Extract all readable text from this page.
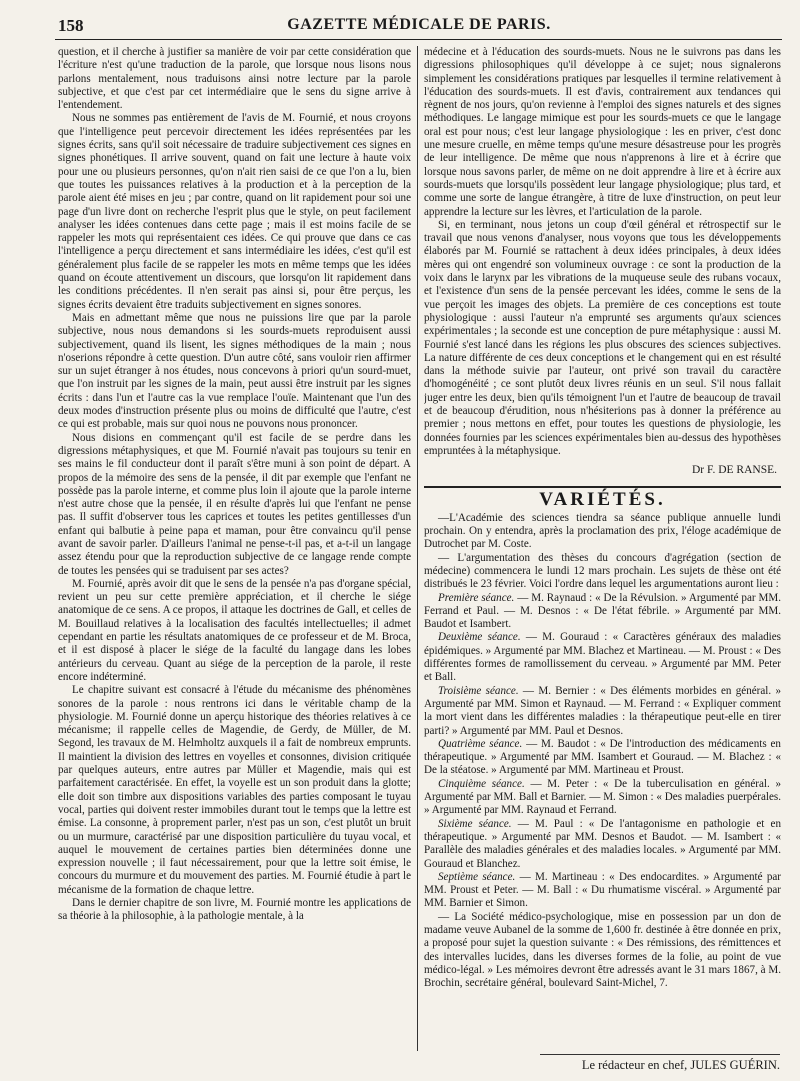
158	GAZETTE MÉDICALE DE PARIS.

question, et il cherche à justifier sa manière de voir par cette considération que l'écriture n'est qu'une traduction de la parole, que lorsque nous lisons nous parlons mentalement, nous traduisons ainsi notre lecture par la parole subjective, et que c'est par cet intermédiaire que le sens du signe arrive à l'entendement.

Nous ne sommes pas entièrement de l'avis de M. Fournié, et nous croyons que l'intelligence peut percevoir directement les idées représentées par les signes écrits, sans qu'il soit nécessaire de traduire subjectivement ces signes en signes phonétiques. Il arrive souvent, quand on fait une lecture à haute voix pour une ou plusieurs personnes, qu'on n'ait rien saisi de ce que l'on a lu, bien que toutes les puissances relatives à la production et à la perception de la parole aient été mises en jeu ; par contre, quand on lit rapidement pour soi une page d'un livre dont on recherche l'esprit plus que le style, on peut facilement analyser les idées contenues dans cette page ; mais il est moins facile de se rappeler les mots qui représentaient ces idées. Ce qui prouve que dans ce cas l'intelligence a perçu directement et sans intermédiaire les idées, c'est qu'il est généralement plus facile de se rappeler les mots en même temps que les idées quand on écoute attentivement un discours, que lorsqu'on lit rapidement dans les conditions précédentes. Il n'en serait pas ainsi si, pour être perçus, les signes écrits devaient être traduits subjectivement en signes sonores.

Mais en admettant même que nous ne puissions lire que par la parole subjective, nous nous demandons si les sourds-muets reproduisent aussi subjectivement, quand ils lisent, les signes méthodiques de la main ; nous n'oserions répondre à cette question. D'un autre côté, sans vouloir rien affirmer sur un sujet étranger à nos études, nous concevons à priori qu'un sourd-muet, que l'on instruit par les signes de la main, peut aussi être instruit par les signes écrits : dans l'un et l'autre cas la vue remplace l'ouïe. Maintenant que l'un des deux modes d'instruction présente plus ou moins de difficulté que l'autre, c'est ce qui est probable, mais sur quoi nous ne pouvons nous prononcer.

Nous disions en commençant qu'il est facile de se perdre dans les digressions métaphysiques, et que M. Fournié n'avait pas toujours su tenir en ses mains le fil conducteur dont il paraît s'être muni à son point de départ. A propos de la mémoire des sens de la pensée, il dit par exemple que l'enfant ne possède pas la parole interne, et comme plus loin il ajoute que la parole interne n'est autre chose que la pensée, il en résulte d'après lui que l'enfant ne pense pas. Il suffit d'observer tous les caprices et toutes les petites gentillesses d'un enfant qui balbutie à peine papa et maman, pour être convaincu qu'il pense avant de savoir parler. D'ailleurs l'animal ne pense-t-il pas, et a-t-il un langage assez étendu pour que la reproduction subjective de ce langage rende compte de toutes les pensées qui se traduisent par ses actes?

M. Fournié, après avoir dit que le sens de la pensée n'a pas d'organe spécial, revient un peu sur cette première appréciation, et il cherche le siége anatomique de ce sens. A ce propos, il attaque les doctrines de Gall, et celles de M. Bouillaud relatives à la localisation des facultés intellectuelles; il admet cependant en partie les résultats anatomiques de ce professeur et de M. Broca, et il est disposé à placer le siége de la faculté du langage dans les lobes antérieurs du cerveau. Quant au siége de la perception de la parole, il reste encore indéterminé.

Le chapitre suivant est consacré à l'étude du mécanisme des phénomènes sonores de la parole : nous rentrons ici dans le véritable champ de la physiologie. M. Fournié donne un aperçu historique des théories relatives à ce mécanisme; il rappelle celles de Magendie, de Gerdy, de Müller, de M. Segond, les travaux de M. Helmholtz auxquels il a fait de nombreux emprunts. Il maintient la division des lettres en voyelles et consonnes, division critiquée par quelques auteurs, entre autres par Müller et Magendie, mais qui est parfaitement caractérisée. En effet, la voyelle est un son produit dans la glotte; elle doit son timbre aux dispositions variables des parties composant le tuyau vocal, parties qui doivent rester immobiles durant tout le temps que la lettre est émise. La consonne, à proprement parler, n'est pas un son, c'est plutôt un bruit ou un murmure, caractérisé par une disposition particulière du tuyau vocal, et auquel le mouvement de certaines parties bien déterminées donne une expression nouvelle ; il faut nécessairement, pour que la lettre soit émise, le concours du murmure et du mouvement des parties. M. Fournié étudie à part le mécanisme de la formation de chaque lettre.

Dans le dernier chapitre de son livre, M. Fournié montre les applications de sa théorie à la philosophie, à la pathologie mentale, à la

médecine et à l'éducation des sourds-muets. Nous ne le suivrons pas dans les digressions philosophiques qu'il développe à ce sujet; nous signalerons simplement les considérations pratiques par lesquelles il termine relativement à l'éducation des sourds-muets. Il est d'avis, contrairement aux tendances qui règnent de nos jours, qu'on revienne à l'emploi des signes naturels et des signes méthodiques. Le langage mimique est pour les sourds-muets ce que le langage oral est pour nous; c'est leur langage physiologique : les en priver, c'est donc une mesure cruelle, en même temps qu'une mesure désastreuse pour les progrès de leur intelligence. De même que nous n'apprenons à lire et à écrire que lorsque nous savons parler, de même on ne doit apprendre à lire et à écrire aux sourds-muets que lorsqu'ils possèdent leur langage physiologique; plus tard, et comme une sorte de langue étrangère, à titre de luxe d'instruction, on peut leur apprendre la lecture sur les lèvres, et l'articulation de la parole.

Si, en terminant, nous jetons un coup d'œil général et rétrospectif sur le travail que nous venons d'analyser, nous voyons que tous les développements élaborés par M. Fournié se rattachent à deux idées principales, à deux idées mères qui ont engendré son volumineux ouvrage : ce sont la production de la voix dans le larynx par les vibrations de la muqueuse seule des rubans vocaux, et l'existence d'un sens de la pensée percevant les idées, comme le sens de la vue perçoit les images des objets. La première de ces conceptions est toute physiologique : aussi l'auteur n'a emprunté ses arguments qu'aux sciences expérimentales ; la seconde est une conception de pure métaphysique : aussi M. Fournié s'est lancé dans les régions les plus obscures des sciences subjectives. La nature différente de ces deux conceptions et le changement qui en est résulté dans la méthode suivie par l'auteur, ont privé son travail du caractère d'homogénéité ; ce sont plutôt deux livres réunis en un seul. S'il nous fallait juger entre les deux, bien qu'ils témoignent l'un et l'autre de beaucoup de travail et de beaucoup d'érudition, nous n'hésiterions pas à donner la préférence au premier ; nous mettons en effet, pour toutes les questions de physiologie, les données fournies par les sciences expérimentales bien au-dessus des hypothèses empruntées à la métaphysique.

Dr F. DE RANSE.
VARIÉTÉS.

—L'Académie des sciences tiendra sa séance publique annuelle lundi prochain. On y entendra, après la proclamation des prix, l'éloge académique de Dutrochet par M. Coste.

— L'argumentation des thèses du concours d'agrégation (section de médecine) commencera le lundi 12 mars prochain. Les sujets de thèse ont été distribués le 23 février. Voici l'ordre dans lequel les argumentations auront lieu :

Première séance. — M. Raynaud : « De la Révulsion. » Argumenté par MM. Ferrand et Paul. — M. Desnos : « De l'état fébrile. » Argumenté par MM. Baudot et Isambert.

Deuxième séance. — M. Gouraud : « Caractères généraux des maladies épidémiques. » Argumenté par MM. Blachez et Martineau. — M. Proust : « Des différentes formes de ramollissement du cerveau. » Argumenté par MM. Peter et Ball.

Troisième séance. — M. Bernier : « Des éléments morbides en général. » Argumenté par MM. Simon et Raynaud. — M. Ferrand : « Expliquer comment la mort vient dans les différentes maladies : la thérapeutique peut-elle en tirer parti? » Argumenté par MM. Paul et Desnos.

Quatrième séance. — M. Baudot : « De l'introduction des médicaments en thérapeutique. » Argumenté par MM. Isambert et Gouraud. — M. Blachez : « De la stéatose. » Argumenté par MM. Martineau et Proust.

Cinquième séance. — M. Peter : « De la tuberculisation en général. » Argumenté par MM. Ball et Barnier. — M. Simon : « Des maladies puerpérales. » Argumenté par MM. Raynaud et Ferrand.

Sixième séance. — M. Paul : « De l'antagonisme en pathologie et en thérapeutique. » Argumenté par MM. Desnos et Baudot. — M. Isambert : « Parallèle des maladies générales et des maladies locales. » Argumenté par MM. Gouraud et Blanchez.

Septième séance. — M. Martineau : « Des endocardites. » Argumenté par MM. Proust et Peter. — M. Ball : « Du rhumatisme viscéral. » Argumenté par MM. Barnier et Simon.

— La Société médico-psychologique, mise en possession par un don de madame veuve Aubanel de la somme de 1,600 fr. destinée à être donnée en prix, a proposé pour sujet la question suivante : « Des rémissions, des rémittences et des intervalles lucides, dans les diverses formes de la folie, au point de vue médico-légal. » Les mémoires devront être adressés avant le 31 mars 1867, à M. Brochin, secrétaire général, boulevard Saint-Michel, 7.

Le rédacteur en chef, JULES GUÉRIN.
